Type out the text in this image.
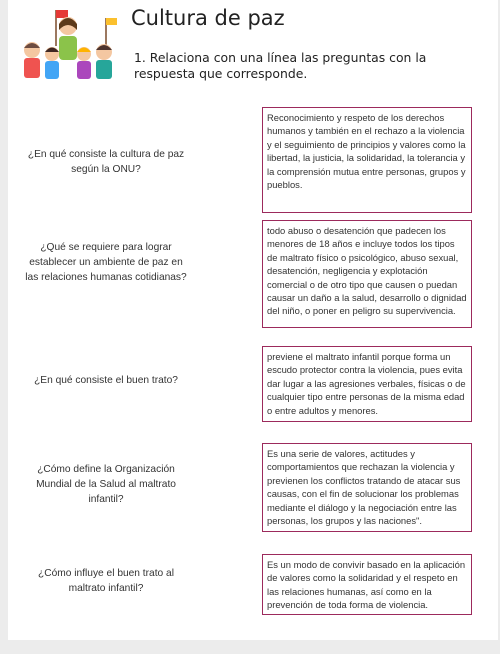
Cultura de paz
1. Relaciona con una línea las preguntas con la respuesta que corresponde.
¿En qué consiste la cultura de paz según la ONU?
¿Qué se requiere para lograr establecer un ambiente de paz en las relaciones humanas cotidianas?
¿En qué consiste el buen trato?
¿Cómo define la Organización Mundial de la Salud al maltrato infantil?
¿Cómo influye el buen trato al maltrato infantil?
Reconocimiento y respeto de los derechos humanos y también en el rechazo a la violencia y el seguimiento de principios y valores como la libertad, la justicia, la solidaridad, la tolerancia y la comprensión mutua entre personas, grupos y pueblos.
todo abuso o desatención que padecen los menores de 18 años e incluye todos los tipos de maltrato físico o psicológico, abuso sexual, desatención, negligencia y explotación comercial o de otro tipo que causen o puedan causar un daño a la salud, desarrollo o dignidad del niño, o poner en peligro su supervivencia.
previene el maltrato infantil porque forma un escudo protector contra la violencia, pues evita dar lugar a las agresiones verbales, físicas o de cualquier tipo entre personas de la misma edad o entre adultos y menores.
Es una serie de valores, actitudes y comportamientos que rechazan la violencia y previenen los conflictos tratando de atacar sus causas, con el fin de solucionar los problemas mediante el diálogo y la negociación entre las personas, los grupos y las naciones".
Es un modo de convivir basado en la aplicación de valores como la solidaridad y el respeto en las relaciones humanas, así como en la prevención de toda forma de violencia.
